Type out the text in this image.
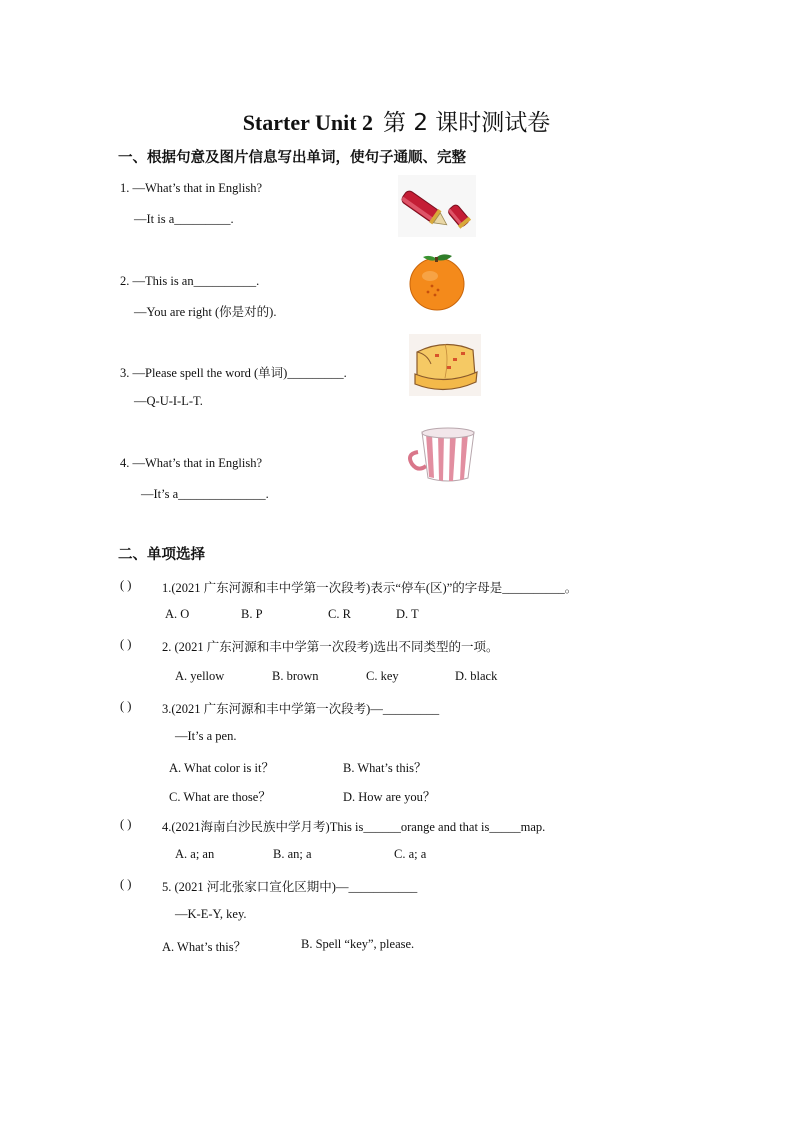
Starter Unit 2 第 2 课时测试卷
一、根据句意及图片信息写出单词，使句子通顺、完整
1. —What’s that in English?
—It is a_________.
2. —This is an__________.
—You are right (你是对的).
3. —Please spell the word (单词)_________.
—Q-U-I-L-T.
4. —What’s that in English?
—It’s a______________.
二、单项选择
( ) 1.(2021 广东河源和丰中学第一次段考)表示“停车(区)”的字母是__________。
A. O	B. P	C. R	D. T
( ) 2. (2021 广东河源和丰中学第一次段考)选出不同类型的一项。
A. yellow	B. brown	C. key	D. black
( ) 3.(2021 广东河源和丰中学第一次段考)—_________
—It’s a pen.
A. What color is it？	B. What’s this？
C. What are those？	D. How are you？
( ) 4.(2021海南白沙民族中学月考)This is______orange and that is_____map.
A. a; an	B. an; a	C. a; a
( ) 5. (2021 河北张家口宣化区期中)—___________
—K-E-Y, key.
A. What’s this？	B. Spell “key”, please.
